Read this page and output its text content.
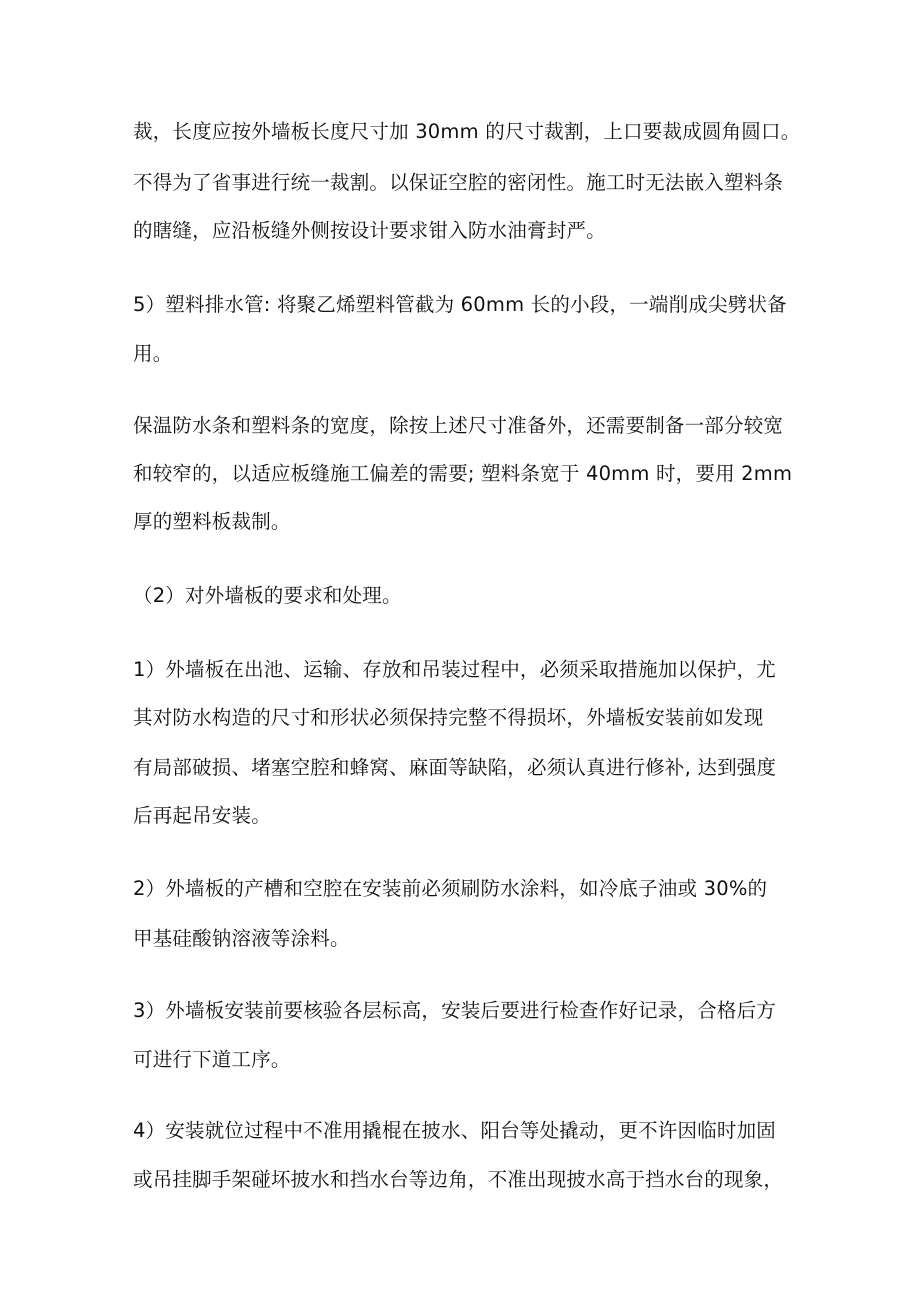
裁，长度应按外墙板长度尺寸加 30mm 的尺寸裁割，上口要裁成圆角圆口。
不得为了省事进行统一裁割。以保证空腔的密闭性。施工时无法嵌入塑料条
的瞎缝，应沿板缝外侧按设计要求钳入防水油膏封严。
5）塑料排水管: 将聚乙烯塑料管截为 60mm 长的小段，一端削成尖劈状备
用。
保温防水条和塑料条的宽度，除按上述尺寸准备外，还需要制备一部分较宽
和较窄的，以适应板缝施工偏差的需要; 塑料条宽于 40mm 时，要用 2mm
厚的塑料板裁制。
（2）对外墙板的要求和处理。
1）外墙板在出池、运输、存放和吊装过程中，必须采取措施加以保护，尤
其对防水构造的尺寸和形状必须保持完整不得损坏，外墙板安装前如发现
有局部破损、堵塞空腔和蜂窝、麻面等缺陷，必须认真进行修补, 达到强度
后再起吊安装。
2）外墙板的产槽和空腔在安装前必须刷防水涂料，如冷底子油或 30%的
甲基硅酸钠溶液等涂料。
3）外墙板安装前要核验各层标高，安装后要进行检查作好记录，合格后方
可进行下道工序。
4）安装就位过程中不准用撬棍在披水、阳台等处撬动，更不许因临时加固
或吊挂脚手架碰坏披水和挡水台等边角，不准出现披水高于挡水台的现象，
